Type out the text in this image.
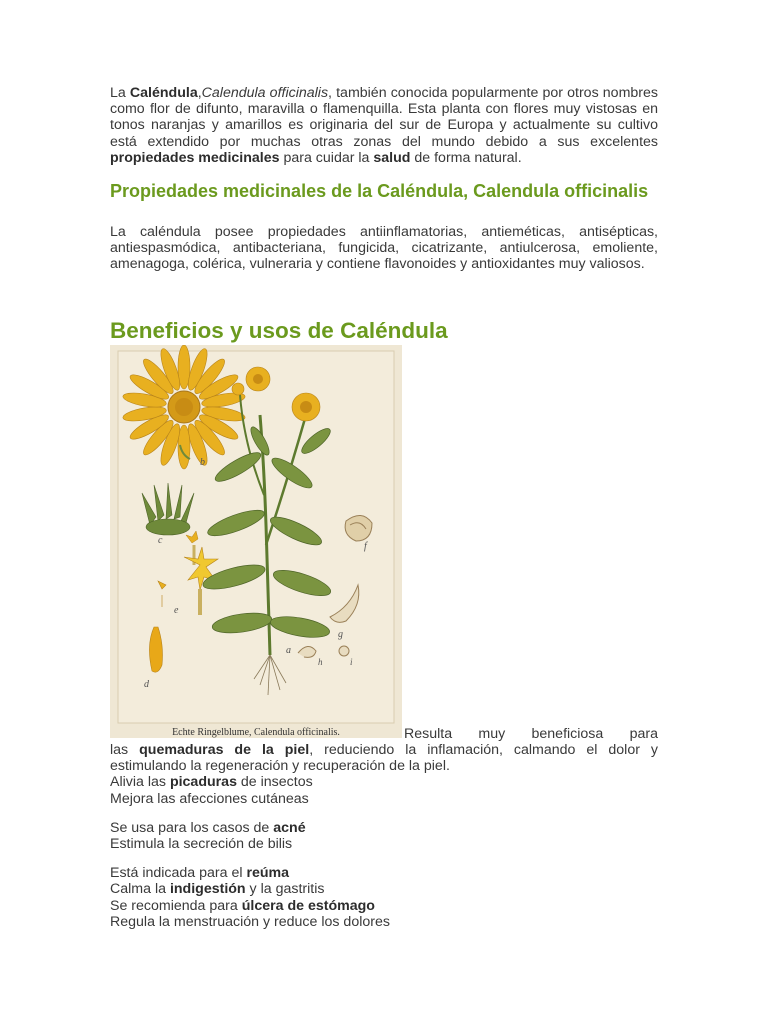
La Caléndula,Calendula officinalis, también conocida popularmente por otros nombres como flor de difunto, maravilla o flamenquilla. Esta planta con flores muy vistosas en tonos naranjas y amarillos es originaria del sur de Europa y actualmente su cultivo está extendido por muchas otras zonas del mundo debido a sus excelentes propiedades medicinales para cuidar la salud de forma natural.

Propiedades medicinales de la Caléndula, Calendula officinalis

La caléndula posee propiedades antiinflamatorias, antieméticas, antisépticas, antiespasmódica, antibacteriana, fungicida, cicatrizante, antiulcerosa, emoliente, amenagoga, colérica, vulneraria y contiene flavonoides y antioxidantes muy valiosos.

Beneficios y usos de Caléndula
b
c
e
d
a
f
g
h	i
Echte Ringelblume, Calendula officinalis.	Resulta muy beneficiosa para

las quemaduras de la piel, reduciendo la inflamación, calmando el dolor y estimulando la regeneración y recuperación de la piel.

Alivia las picaduras de insectos

Mejora las afecciones cutáneas

Se usa para los casos de acné

Estimula la secreción de bilis

Está indicada para el reúma

Calma la indigestión y la gastritis

Se recomienda para úlcera de estómago

Regula la menstruación y reduce los dolores
